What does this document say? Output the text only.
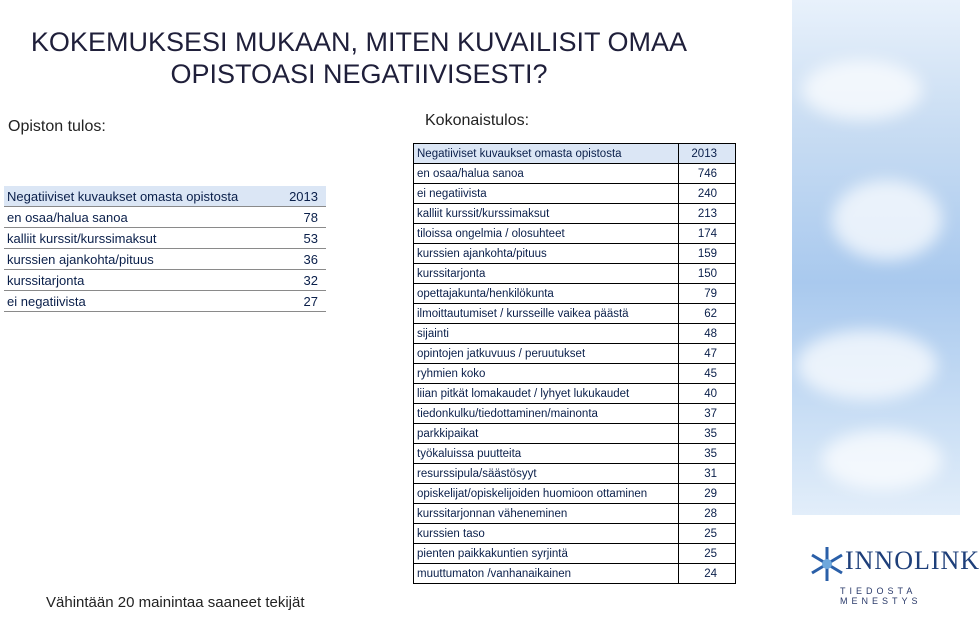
INNOLINK
TIEDOSTA MENESTYS
KOKEMUKSESI MUKAAN, MITEN KUVAILISIT OMAA OPISTOASI NEGATIIVISESTI?
Opiston tulos:	Kokonaistulos:
Negatiiviset kuvaukset omasta opistosta	2013
en osaa/halua sanoa	78
kalliit kurssit/kurssimaksut	53
kurssien ajankohta/pituus	36
kurssitarjonta	32
ei negatiivista	27
Negatiiviset kuvaukset omasta opistosta	2013
en osaa/halua sanoa	746
ei negatiivista	240
kalliit kurssit/kurssimaksut	213
tiloissa ongelmia / olosuhteet	174
kurssien ajankohta/pituus	159
kurssitarjonta	150
opettajakunta/henkilökunta	79
ilmoittautumiset / kursseille vaikea päästä	62
sijainti	48
opintojen jatkuvuus / peruutukset	47
ryhmien koko	45
liian pitkät lomakaudet / lyhyet lukukaudet	40
tiedonkulku/tiedottaminen/mainonta	37
parkkipaikat	35
työkaluissa puutteita	35
resurssipula/säästösyyt	31
opiskelijat/opiskelijoiden huomioon ottaminen	29
kurssitarjonnan väheneminen	28
kurssien taso	25
pienten paikkakuntien syrjintä	25
muuttumaton /vanhanaikainen	24
Vähintään 20 mainintaa saaneet tekijät
